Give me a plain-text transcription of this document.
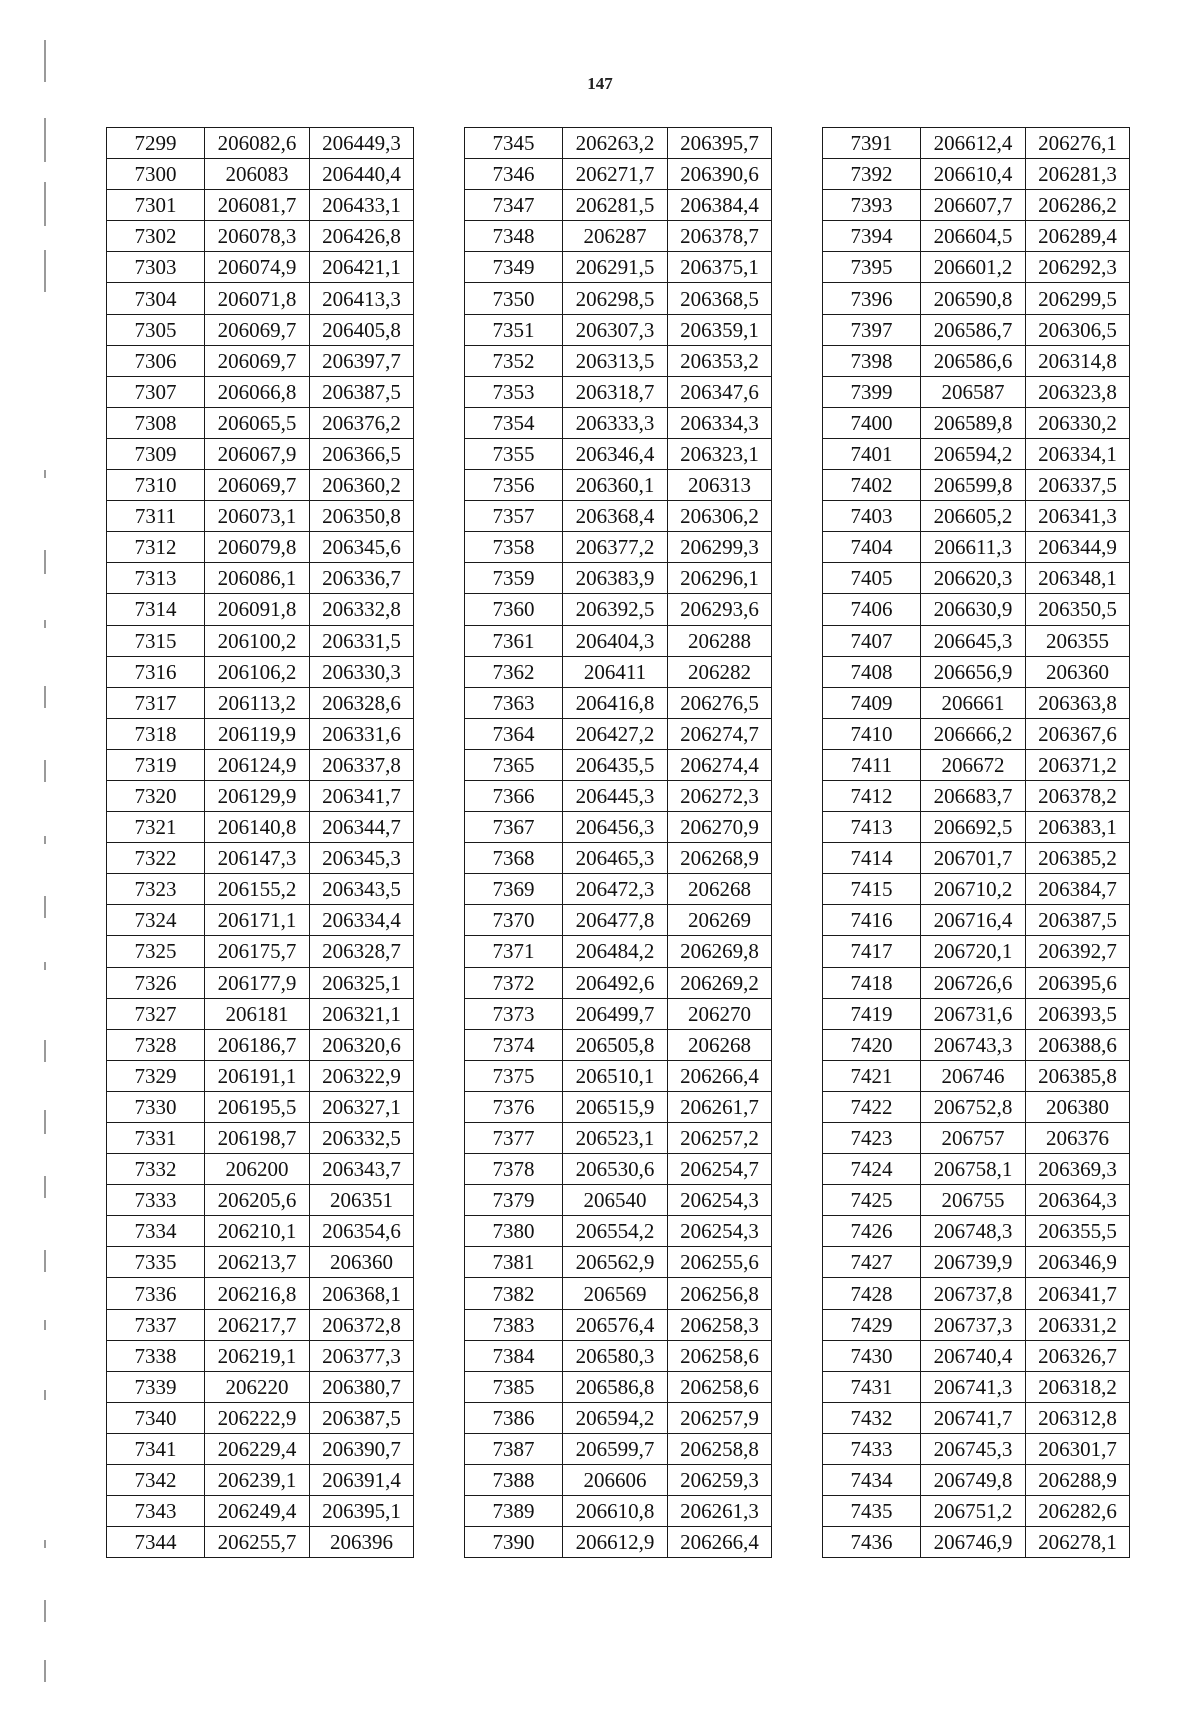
147
7299	206082,6	206449,3
7300	206083	206440,4
7301	206081,7	206433,1
7302	206078,3	206426,8
7303	206074,9	206421,1
7304	206071,8	206413,3
7305	206069,7	206405,8
7306	206069,7	206397,7
7307	206066,8	206387,5
7308	206065,5	206376,2
7309	206067,9	206366,5
7310	206069,7	206360,2
7311	206073,1	206350,8
7312	206079,8	206345,6
7313	206086,1	206336,7
7314	206091,8	206332,8
7315	206100,2	206331,5
7316	206106,2	206330,3
7317	206113,2	206328,6
7318	206119,9	206331,6
7319	206124,9	206337,8
7320	206129,9	206341,7
7321	206140,8	206344,7
7322	206147,3	206345,3
7323	206155,2	206343,5
7324	206171,1	206334,4
7325	206175,7	206328,7
7326	206177,9	206325,1
7327	206181	206321,1
7328	206186,7	206320,6
7329	206191,1	206322,9
7330	206195,5	206327,1
7331	206198,7	206332,5
7332	206200	206343,7
7333	206205,6	206351
7334	206210,1	206354,6
7335	206213,7	206360
7336	206216,8	206368,1
7337	206217,7	206372,8
7338	206219,1	206377,3
7339	206220	206380,7
7340	206222,9	206387,5
7341	206229,4	206390,7
7342	206239,1	206391,4
7343	206249,4	206395,1
7344	206255,7	206396
7345	206263,2	206395,7
7346	206271,7	206390,6
7347	206281,5	206384,4
7348	206287	206378,7
7349	206291,5	206375,1
7350	206298,5	206368,5
7351	206307,3	206359,1
7352	206313,5	206353,2
7353	206318,7	206347,6
7354	206333,3	206334,3
7355	206346,4	206323,1
7356	206360,1	206313
7357	206368,4	206306,2
7358	206377,2	206299,3
7359	206383,9	206296,1
7360	206392,5	206293,6
7361	206404,3	206288
7362	206411	206282
7363	206416,8	206276,5
7364	206427,2	206274,7
7365	206435,5	206274,4
7366	206445,3	206272,3
7367	206456,3	206270,9
7368	206465,3	206268,9
7369	206472,3	206268
7370	206477,8	206269
7371	206484,2	206269,8
7372	206492,6	206269,2
7373	206499,7	206270
7374	206505,8	206268
7375	206510,1	206266,4
7376	206515,9	206261,7
7377	206523,1	206257,2
7378	206530,6	206254,7
7379	206540	206254,3
7380	206554,2	206254,3
7381	206562,9	206255,6
7382	206569	206256,8
7383	206576,4	206258,3
7384	206580,3	206258,6
7385	206586,8	206258,6
7386	206594,2	206257,9
7387	206599,7	206258,8
7388	206606	206259,3
7389	206610,8	206261,3
7390	206612,9	206266,4
7391	206612,4	206276,1
7392	206610,4	206281,3
7393	206607,7	206286,2
7394	206604,5	206289,4
7395	206601,2	206292,3
7396	206590,8	206299,5
7397	206586,7	206306,5
7398	206586,6	206314,8
7399	206587	206323,8
7400	206589,8	206330,2
7401	206594,2	206334,1
7402	206599,8	206337,5
7403	206605,2	206341,3
7404	206611,3	206344,9
7405	206620,3	206348,1
7406	206630,9	206350,5
7407	206645,3	206355
7408	206656,9	206360
7409	206661	206363,8
7410	206666,2	206367,6
7411	206672	206371,2
7412	206683,7	206378,2
7413	206692,5	206383,1
7414	206701,7	206385,2
7415	206710,2	206384,7
7416	206716,4	206387,5
7417	206720,1	206392,7
7418	206726,6	206395,6
7419	206731,6	206393,5
7420	206743,3	206388,6
7421	206746	206385,8
7422	206752,8	206380
7423	206757	206376
7424	206758,1	206369,3
7425	206755	206364,3
7426	206748,3	206355,5
7427	206739,9	206346,9
7428	206737,8	206341,7
7429	206737,3	206331,2
7430	206740,4	206326,7
7431	206741,3	206318,2
7432	206741,7	206312,8
7433	206745,3	206301,7
7434	206749,8	206288,9
7435	206751,2	206282,6
7436	206746,9	206278,1
